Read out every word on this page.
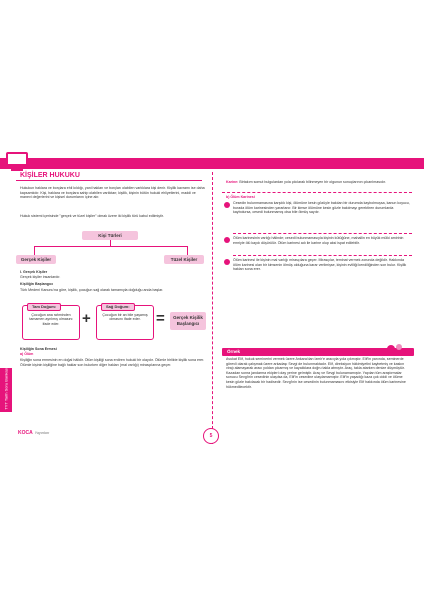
TYT Tarih Soru Bankası
KİŞİLER HUKUKU
Hukukun haklara ve borçlara ehil kıldığı, yani hakları ve borçları olabilen varlıklara kişi denir. Kişilik kavramı ise daha kapsamlıdır. Kişi, haklara ve borçlara sahip olabilen varlıktan; kişilik, kişinin bütün hukuki ehliyetlerini, maddi ve manevi değerlerini ve kişisel durumlarını içine alır.
Hukuk sistemi içerisinde "gerçek ve tüzel kişiler" olmak üzere iki kişilik türü kabul edilmiştir.
Kişi Türleri
Gerçek Kişiler	Tüzel Kişiler
I. Gerçek Kişiler
Gerçek kişiler insanlardır.
Kişiliğin Başlangıcı
Türk Medeni Kanunu'na göre, kişilik, çocuğun sağ olarak tamamıyla doğduğu anda başlar.
Tam Doğum:
Çocuğun ana rahminden tamamen ayrılmış olmasını ifade eder.	+
Sağ Doğum:
Çocuğun bir an bile yaşamış olmasını ifade eder.	=	Gerçek Kişilik Başlangıcı
Kişiliğin Sona Ermesi
a) Ölüm
Kişiliğin sona ermesinin en doğal hâlidir. Ölüm kişiliği sona erdiren hukuki bir olaydır. Ölümle birlikte kişilik sona erer. Ölümle kişinin kişiliğine bağlı haklar son bulurken diğer hakları (mal varlığı) mirasçılarına geçer.
Karine: Birtakım somut bulgulardan yola çıkılarak bilinmeyen bir olgunun sonuçlarının çıkarılmasıdır.
b) Ölüm Karinesi
Cesedin bulunmamasına karşılık kişi, ölümüne kesin gözüyle bakılan bir durumda kaybolmuşsa, kanun koyucu, burada ölüm karinesinden yararlanır. Bir kimse ölümüne kesin gözle bakılmayı gerektiren durumlarda kaybolursa, cesedi bulunmamış olsa bile ölmüş sayılır.
Ölüm karinesinin varlığı hâlinde; cesedi bulunmamasıyla kişinin kütüğüne, mahallin en büyük mülki amirinin emriyle ölü kaydı düşürülür. Ölüm karinesi adı ile karine olup aksi ispat edilebilir.
Ölüm karinesi ile kişinin mal varlığı mirasçılara geçer. Mirasçılar, teminat vermek zorunda değildir. Hakkında ölüm karinesi olan bir kimsenin ölmüş olduğuna karar verilmişse, kişinin evliliği kendiliğinden son bulur. Kişilik hakları sona erer.
Avukat Elif, hukuk seminerini vermek üzere Ankara'dan İzmir'e aracıyla yola çıkmıştır. Elif'in yanında, seminerde görevli olarak çalışmak üzere arkadaşı Sevgi de bulunmaktadır. Elif, direksiyon hâkimiyetini kaybetmiş ve kaskın virajı alamayarak aracı yoldan çıkarmış ve kayalıklara doğru takla atmıştır. Araç, takla atarken denize düşmüştür. Kazadan sonra jandarma ekipleri olay yerine gelmiştir. Araç ve Sevgi bulunamamıştır. Yapılan tüm araştırmalar sonucu Sevgi'nin cesedinin ulaşılsa da, Elif'in cesedine ulaşılamamıştır. Elif'in yaşadığı kaza çok ciddi ve ölüme kesin gözle bakılacak bir hadisedir. Sevgi'nin ise cesedinin bulunmamasını etkisiyle Elif hakkında ölüm karinesine hükmedilecektir.
Örnek
5
KOCA Yayınları
